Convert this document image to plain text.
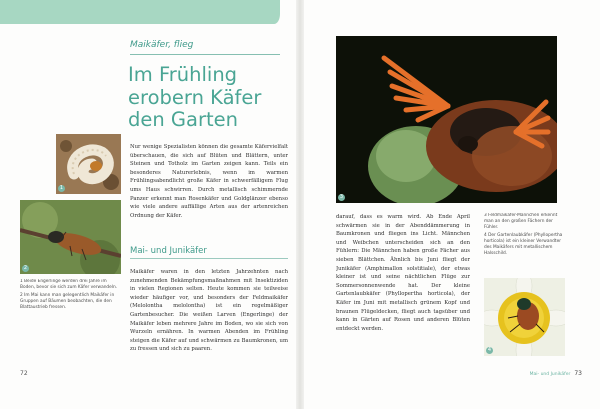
Maikäfer, flieg
Im Frühling
erobern Käfer
den Garten

Nur wenige Spezialisten können die gesamte Käfervielfalt überschauen, die sich auf Blüten und Blättern, unter Steinen und Totholz im Garten zeigen kann. Teils ein besonderes Naturerlebnis, wenn im warmen Frühlingsabendlicht große Käfer in schwerfälligem Flug ums Haus schwirren. Durch metallisch schimmernde Panzer erkennt man Rosenkäfer und Goldglänzer ebenso wie viele andere auffällige Arten aus der artenreichen Ordnung der Käfer.

Mai- und Junikäfer

Maikäfer waren in den letzten Jahrzehnten nach zunehmenden Bekämpfungsmaßnahmen mit Insektiziden in vielen Regionen selten. Heute kommen sie teilweise wieder häufiger vor, und besonders der Feldmaikäfer (Melolontha melolontha) ist ein regelmäßiger Gartenbesucher. Die weißen Larven (Engerlinge) der Maikäfer leben mehrere Jahre im Boden, wo sie sich von Wurzeln ernähren. In warmen Abenden im Frühling steigen die Käfer auf und schwärmen zu Baumkronen, um zu fressen und sich zu paaren.

1
2

1 Beide Engerlinge werden drei Jahre im Boden, bevor sie sich zum Käfer verwandeln.

2 Im Mai kann man gelegentlich Maikäfer in Gruppen auf Bäumen beobachten, die den Blattaustrieb fressen.

3

darauf, dass es warm wird. Ab Ende April schwärmen sie in der Abenddämmerung in Baumkronen und fliegen ins Licht. Männchen und Weibchen unterscheiden sich an den Fühlern: Die Männchen haben große Fächer aus sieben Blättchen. Ähnlich bis Juni fliegt der Junikäfer (Amphimallon solstitiale), der etwas kleiner ist und seine nächtlichen Flüge zur Sommersonnenwende hat. Der kleine Gartenlaubkäfer (Phyllopertha horticola), der Käfer im Juni mit metallisch grünem Kopf und braunen Flügeldecken, fliegt auch tagsüber und kann in Gärten auf Rosen und anderen Blüten entdeckt werden.

3 Feldmaikäfer-Männchen erkennt man an den großen Fächern der Fühler.

4 Der Gartenlaubkäfer (Phyllopertha horticola) ist ein kleiner Verwandter des Maikäfers mit metallischem Halsschild.

4
72	Mai- und Junikäfer 73
